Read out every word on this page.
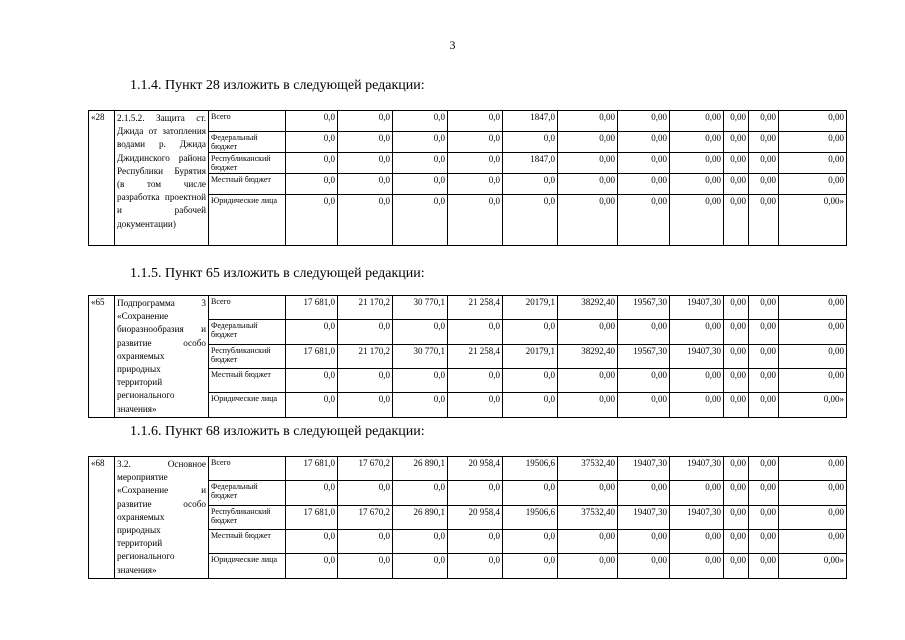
3
1.1.4. Пункт 28 изложить в следующей редакции:
«28	2.1.5.2. Защита ст. Джида от затопления водами р. Джида Джидинского района Республики Бурятия (в том числе разработка проектной и рабочей документации)	Всего	0,0	0,0	0,0	0,0	1847,0	0,00	0,00	0,00	0,00	0,00	0,00
		Федеральный бюджет	0,0	0,0	0,0	0,0	0,0	0,00	0,00	0,00	0,00	0,00	0,00
		Республиканский бюджет	0,0	0,0	0,0	0,0	1847,0	0,00	0,00	0,00	0,00	0,00	0,00
		Местный бюджет	0,0	0,0	0,0	0,0	0,0	0,00	0,00	0,00	0,00	0,00	0,00
		Юридические лица	0,0	0,0	0,0	0,0	0,0	0,00	0,00	0,00	0,00	0,00	0,00»
1.1.5. Пункт 65 изложить в следующей редакции:
«65	Подпрограмма 3 «Сохранение биоразнообразия и развитие особо охраняемых природных территорий регионального значения»	Всего	17 681,0	21 170,2	30 770,1	21 258,4	20179,1	38292,40	19567,30	19407,30	0,00	0,00	0,00
		Федеральный бюджет	0,0	0,0	0,0	0,0	0,0	0,00	0,00	0,00	0,00	0,00	0,00
		Республиканский бюджет	17 681,0	21 170,2	30 770,1	21 258,4	20179,1	38292,40	19567,30	19407,30	0,00	0,00	0,00
		Местный бюджет	0,0	0,0	0,0	0,0	0,0	0,00	0,00	0,00	0,00	0,00	0,00
		Юридические лица	0,0	0,0	0,0	0,0	0,0	0,00	0,00	0,00	0,00	0,00	0,00»
1.1.6. Пункт 68 изложить в следующей редакции:
«68	3.2. Основное мероприятие «Сохранение и развитие особо охраняемых природных территорий регионального значения»	Всего	17 681,0	17 670,2	26 890,1	20 958,4	19506,6	37532,40	19407,30	19407,30	0,00	0,00	0,00
		Федеральный бюджет	0,0	0,0	0,0	0,0	0,0	0,00	0,00	0,00	0,00	0,00	0,00
		Республиканский бюджет	17 681,0	17 670,2	26 890,1	20 958,4	19506,6	37532,40	19407,30	19407,30	0,00	0,00	0,00
		Местный бюджет	0,0	0,0	0,0	0,0	0,0	0,00	0,00	0,00	0,00	0,00	0,00
		Юридические лица	0,0	0,0	0,0	0,0	0,0	0,00	0,00	0,00	0,00	0,00	0,00»
